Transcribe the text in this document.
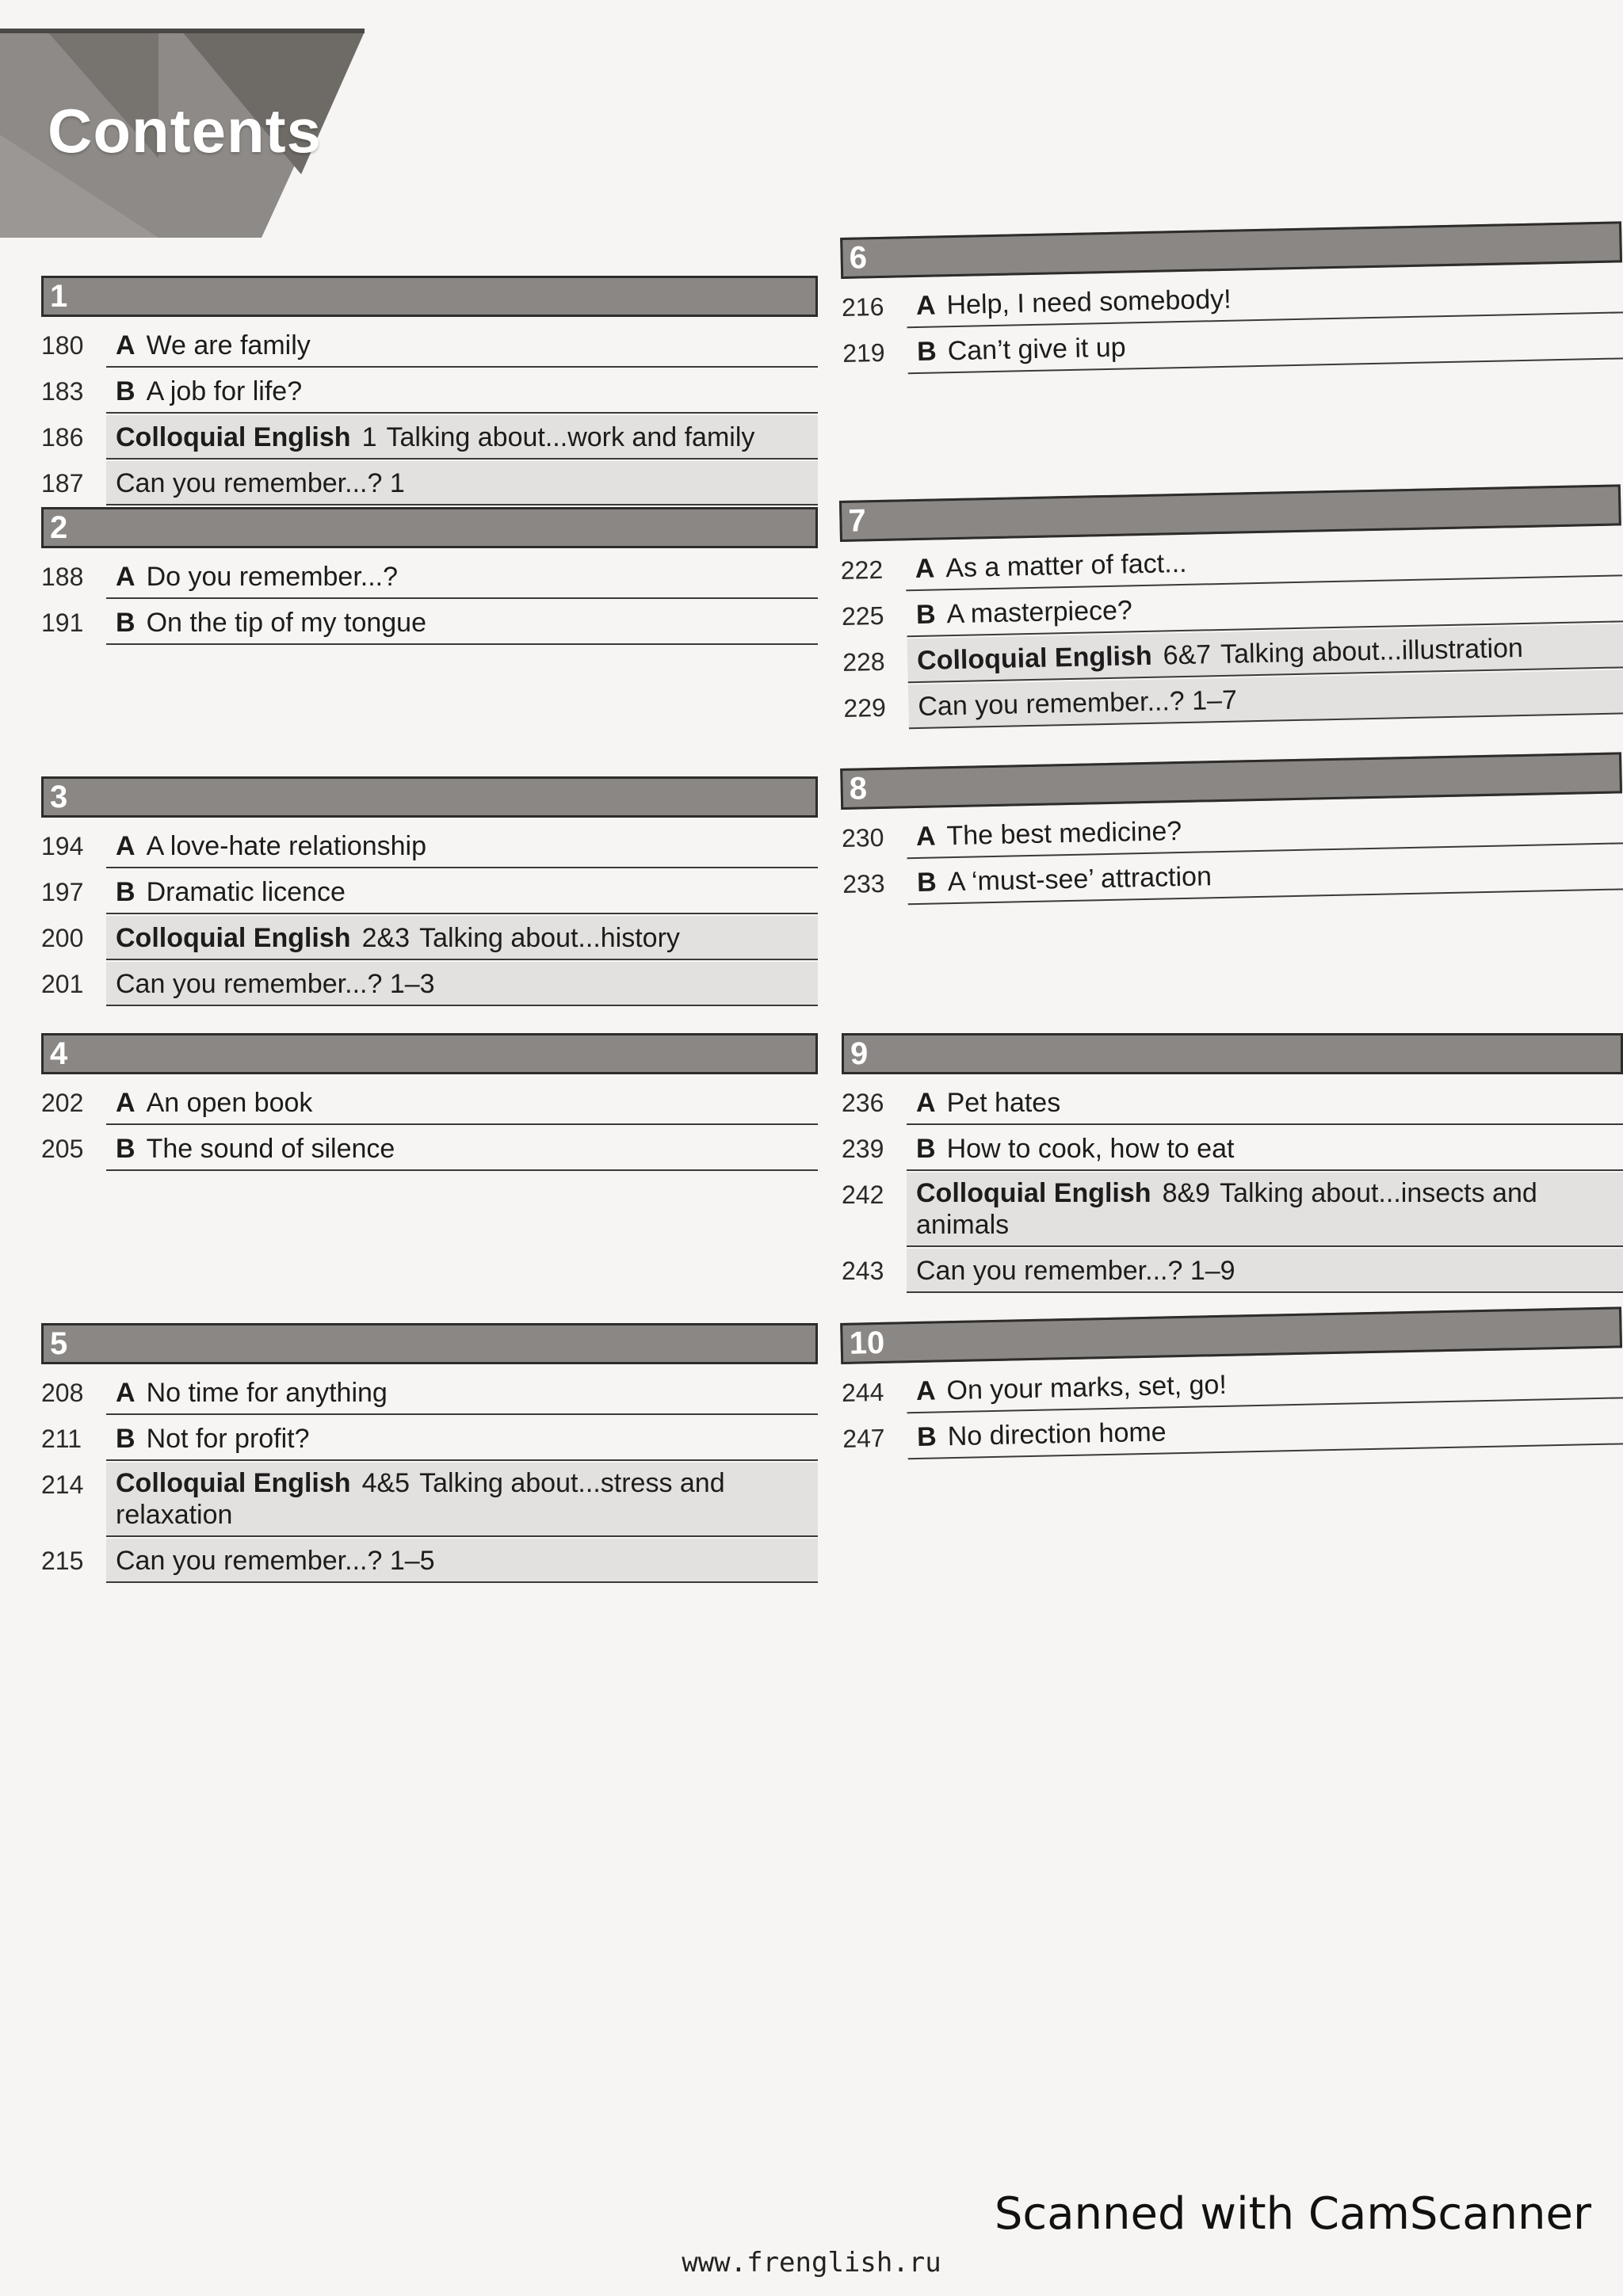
Contents
1
180	A We are family
183	B A job for life?
186	Colloquial English 1 Talking about...work and family
187	Can you remember...? 1
2
188	A Do you remember...?
191	B On the tip of my tongue
3
194	A A love-hate relationship
197	B Dramatic licence
200	Colloquial English 2&3 Talking about...history
201	Can you remember...? 1–3
4
202	A An open book
205	B The sound of silence
5
208	A No time for anything
211	B Not for profit?
214	Colloquial English 4&5 Talking about...stress and relaxation
215	Can you remember...? 1–5
6
216	A Help, I need somebody!
219	B Can’t give it up
7
222	A As a matter of fact...
225	B A masterpiece?
228	Colloquial English 6&7 Talking about...illustration
229	Can you remember...? 1–7
8
230	A The best medicine?
233	B A ‘must-see’ attraction
9
236	A Pet hates
239	B How to cook, how to eat
242	Colloquial English 8&9 Talking about...insects and animals
243	Can you remember...? 1–9
10
244	A On your marks, set, go!
247	B No direction home
Scanned with CamScanner
www.frenglish.ru
